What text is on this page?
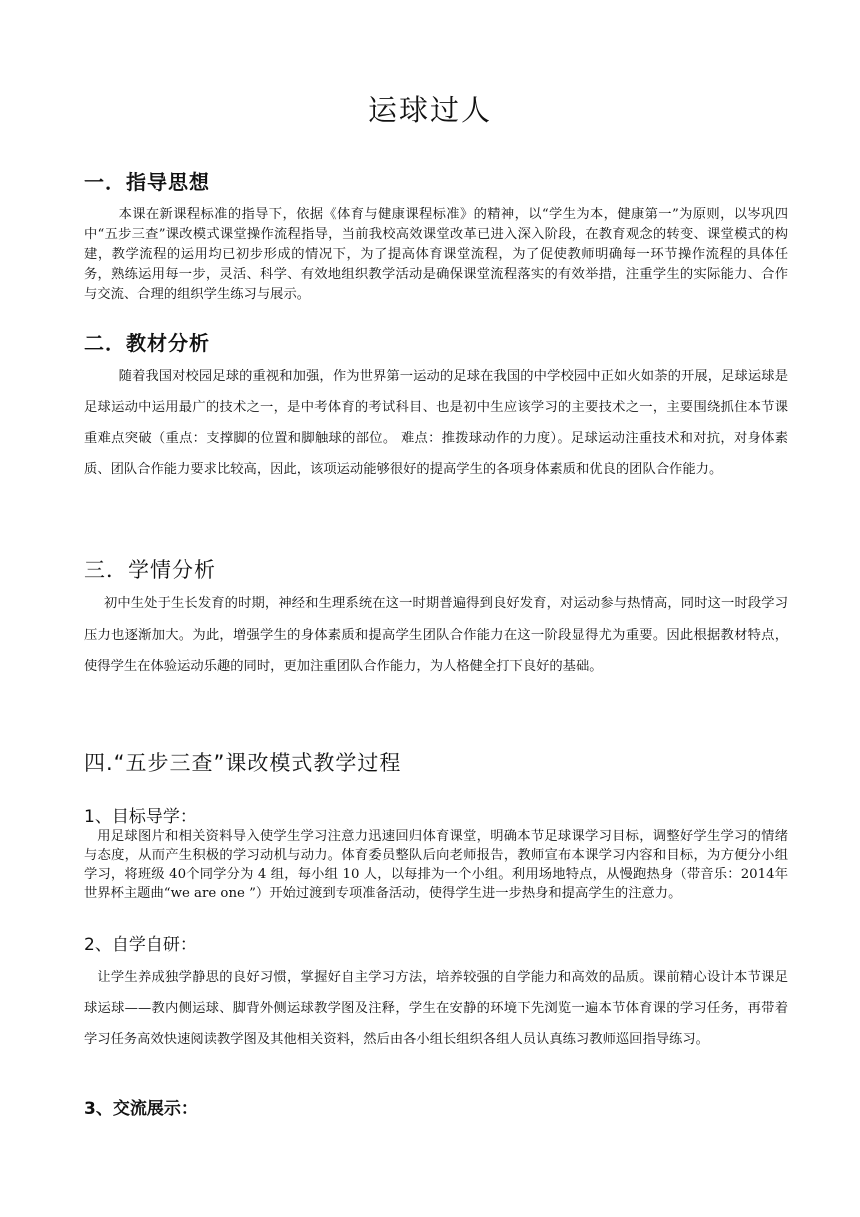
运球过人
一．指导思想
本课在新课程标准的指导下，依据《体育与健康课程标准》的精神，以“学生为本，健康第一”为原则，以岑巩四中“五步三查”课改模式课堂操作流程指导，当前我校高效课堂改革已进入深入阶段，在教育观念的转变、课堂模式的构建，教学流程的运用均已初步形成的情况下，为了提高体育课堂流程，为了促使教师明确每一环节操作流程的具体任务，熟练运用每一步，灵活、科学、有效地组织教学活动是确保课堂流程落实的有效举措，注重学生的实际能力、合作与交流、合理的组织学生练习与展示。
二．教材分析
随着我国对校园足球的重视和加强，作为世界第一运动的足球在我国的中学校园中正如火如荼的开展，足球运球是足球运动中运用最广的技术之一，是中考体育的考试科目、也是初中生应该学习的主要技术之一，主要围绕抓住本节课重难点突破（重点：支撑脚的位置和脚触球的部位。 难点：推拨球动作的力度）。足球运动注重技术和对抗，对身体素质、团队合作能力要求比较高，因此，该项运动能够很好的提高学生的各项身体素质和优良的团队合作能力。
三．学情分析
初中生处于生长发育的时期，神经和生理系统在这一时期普遍得到良好发育，对运动参与热情高，同时这一时段学习压力也逐渐加大。为此，增强学生的身体素质和提高学生团队合作能力在这一阶段显得尤为重要。因此根据教材特点，使得学生在体验运动乐趣的同时，更加注重团队合作能力，为人格健全打下良好的基础。
四.“五步三查”课改模式教学过程
1、目标导学：
用足球图片和相关资料导入使学生学习注意力迅速回归体育课堂，明确本节足球课学习目标，调整好学生学习的情绪与态度，从而产生积极的学习动机与动力。体育委员整队后向老师报告，教师宣布本课学习内容和目标，为方便分小组学习，将班级 40个同学分为 4 组，每小组 10 人，以每排为一个小组。利用场地特点，从慢跑热身（带音乐：2014年世界杯主题曲“we are one ”）开始过渡到专项准备活动，使得学生进一步热身和提高学生的注意力。
2、自学自研：
让学生养成独学静思的良好习惯，掌握好自主学习方法，培养较强的自学能力和高效的品质。课前精心设计本节课足球运球——教内侧运球、脚背外侧运球教学图及注释，学生在安静的环境下先浏览一遍本节体育课的学习任务，再带着学习任务高效快速阅读教学图及其他相关资料，然后由各小组长组织各组人员认真练习教师巡回指导练习。
3、交流展示：
